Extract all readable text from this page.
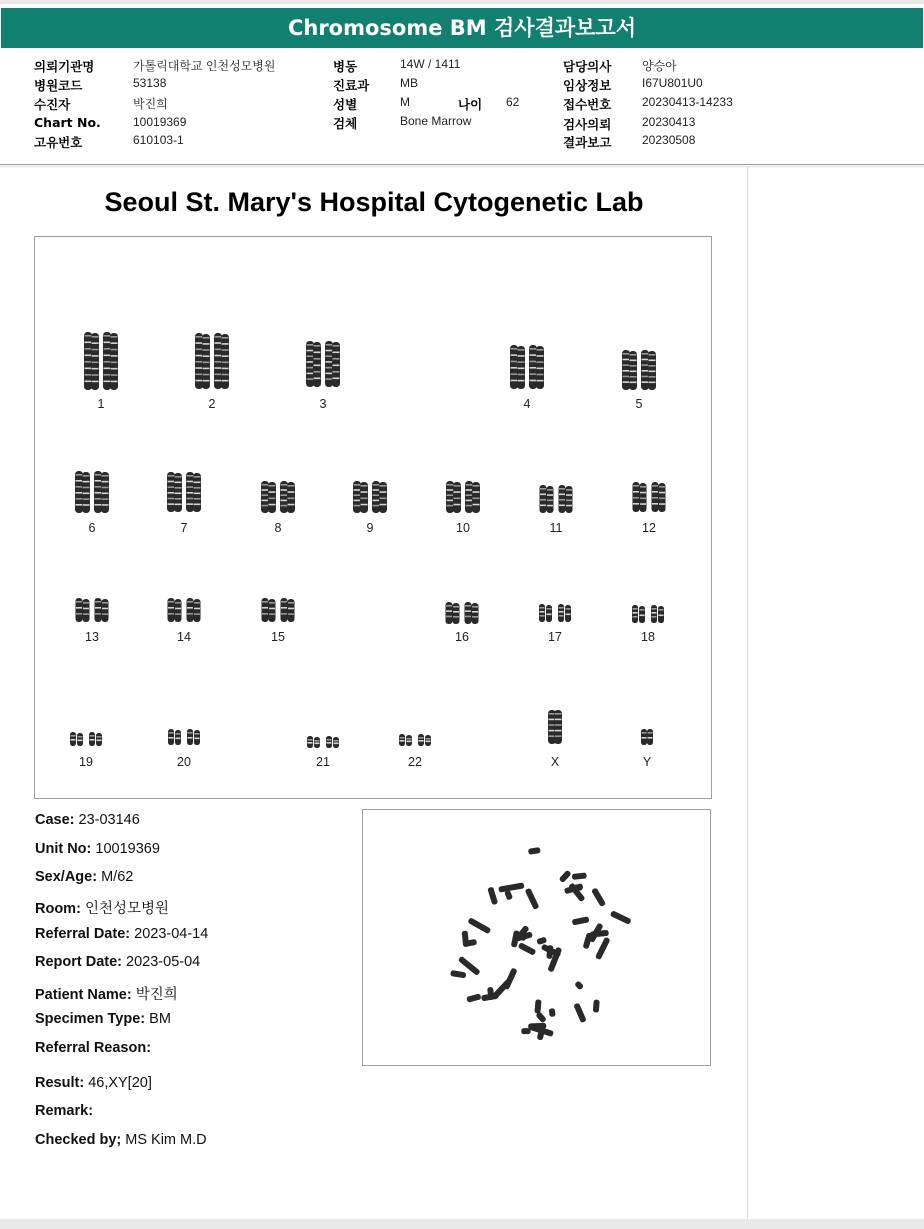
Chromosome BM 검사결과보고서
의뢰기관명	가톨릭대학교 인천성모병원
병원코드	53138
수진자	박진희
Chart No.	10019369
고유번호	610103-1
병동	14W / 1411
진료과	MB
성별	M	나이 62
검체	Bone Marrow
담당의사	양승아
임상정보	I67U801U0
접수번호	20230413-14233
검사의뢰	20230413
결과보고	20230508
Seoul St. Mary's Hospital Cytogenetic Lab
1	2	3	4	5
6	7	8	9	10	11	12
13	14	15	16	17	18
19	20	21	22	X	Y
Case: 23-03146
Unit No: 10019369
Sex/Age: M/62
Room: 인천성모병원
Referral Date: 2023-04-14
Report Date: 2023-05-04
Patient Name: 박진희
Specimen Type: BM
Referral Reason:
Result: 46,XY[20]
Remark:
Checked by; MS Kim M.D
